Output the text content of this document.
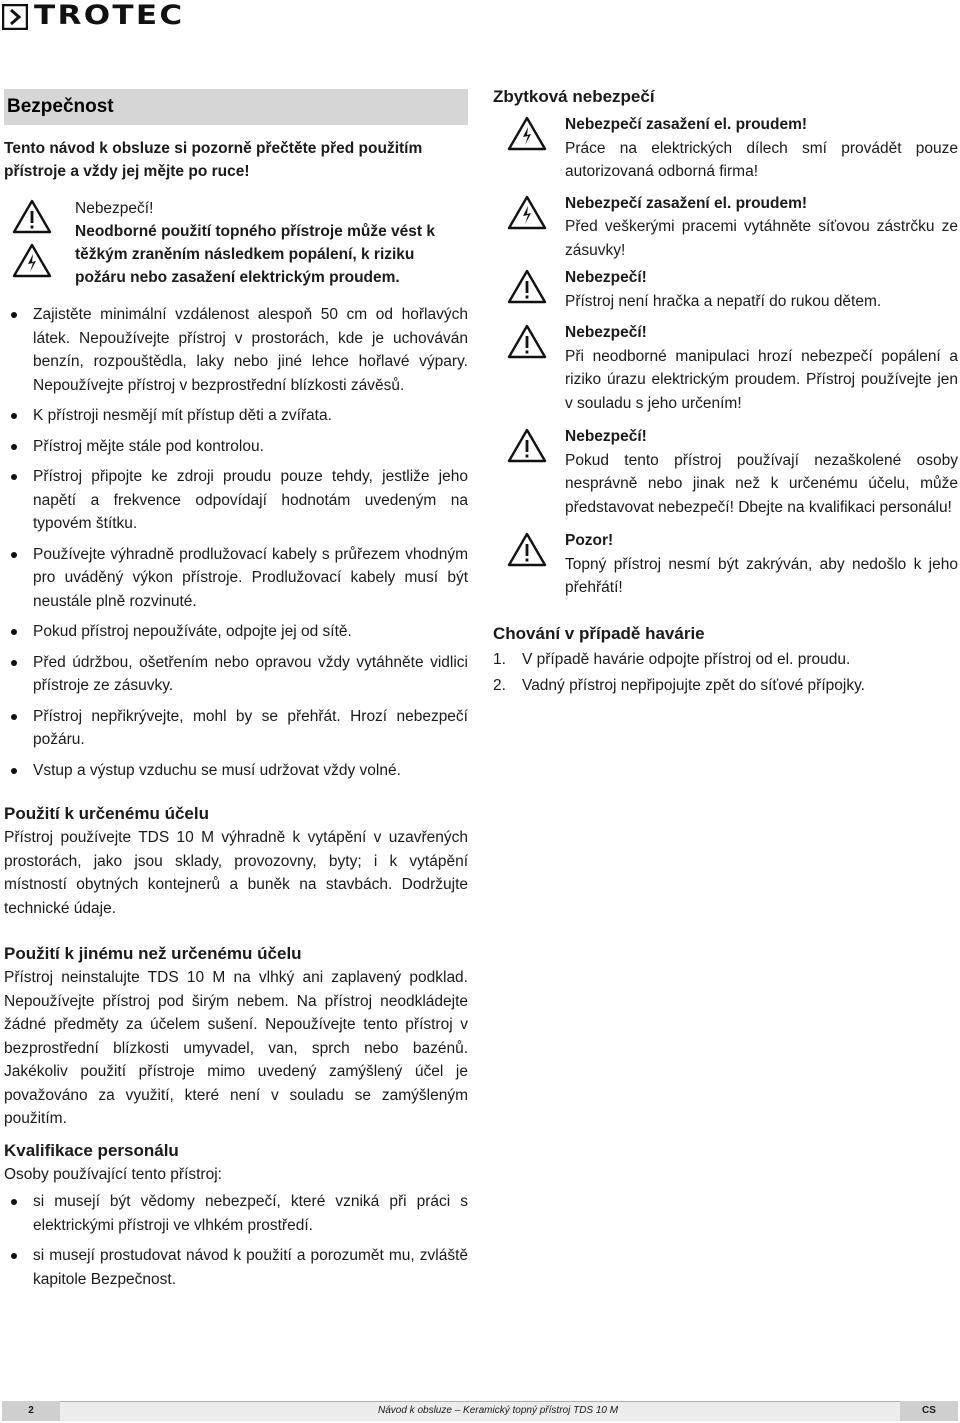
TROTEC
Bezpečnost
Tento návod k obsluze si pozorně přečtěte před použitím přístroje a vždy jej mějte po ruce!
Nebezpečí!
Neodborné použití topného přístroje může vést k těžkým zraněním následkem popálení, k riziku požáru nebo zasažení elektrickým proudem.
Zajistěte minimální vzdálenost alespoň 50 cm od hořlavých látek. Nepoužívejte přístroj v prostorách, kde je uchováván benzín, rozpouštědla, laky nebo jiné lehce hořlavé výpary. Nepoužívejte přístroj v bezprostřední blízkosti závěsů.
K přístroji nesmějí mít přístup děti a zvířata.
Přístroj mějte stále pod kontrolou.
Přístroj připojte ke zdroji proudu pouze tehdy, jestliže jeho napětí a frekvence odpovídají hodnotám uvedeným na typovém štítku.
Používejte výhradně prodlužovací kabely s průřezem vhodným pro uváděný výkon přístroje. Prodlužovací kabely musí být neustále plně rozvinuté.
Pokud přístroj nepoužíváte, odpojte jej od sítě.
Před údržbou, ošetřením nebo opravou vždy vytáhněte vidlici přístroje ze zásuvky.
Přístroj nepřikrývejte, mohl by se přehřát. Hrozí nebezpečí požáru.
Vstup a výstup vzduchu se musí udržovat vždy volné.
Použití k určenému účelu

Přístroj používejte TDS 10 M výhradně k vytápění v uzavřených prostorách, jako jsou sklady, provozovny, byty; i k vytápění místností obytných kontejnerů a buněk na stavbách. Dodržujte technické údaje.

Použití k jinému než určenému účelu

Přístroj neinstalujte TDS 10 M na vlhký ani zaplavený podklad. Nepoužívejte přístroj pod širým nebem. Na přístroj neodkládejte žádné předměty za účelem sušení. Nepoužívejte tento přístroj v bezprostřední blízkosti umyvadel, van, sprch nebo bazénů. Jakékoliv použití přístroje mimo uvedený zamýšlený účel je považováno za využití, které není v souladu se zamýšleným použitím.

Kvalifikace personálu

Osoby používající tento přístroj:

si musejí být vědomy nebezpečí, které vzniká při práci s elektrickými přístroji ve vlhkém prostředí.
si musejí prostudovat návod k použití a porozumět mu, zvláště kapitole Bezpečnost.
Zbytková nebezpečí
Nebezpečí zasažení el. proudem!
Práce na elektrických dílech smí provádět pouze autorizovaná odborná firma!
Nebezpečí zasažení el. proudem!
Před veškerými pracemi vytáhněte síťovou zástrčku ze zásuvky!
Nebezpečí!
Přístroj není hračka a nepatří do rukou dětem.
Nebezpečí!
Při neodborné manipulaci hrozí nebezpečí popálení a riziko úrazu elektrickým proudem. Přístroj používejte jen v souladu s jeho určením!
Nebezpečí!
Pokud tento přístroj používají nezaškolené osoby nesprávně nebo jinak než k určenému účelu, může představovat nebezpečí! Dbejte na kvalifikaci personálu!
Pozor!
Topný přístroj nesmí být zakrýván, aby nedošlo k jeho přehřátí!
Chování v případě havárie
1. V případě havárie odpojte přístroj od el. proudu.
2. Vadný přístroj nepřipojujte zpět do síťové přípojky.
2	Návod k obsluze – Keramický topný přístroj TDS 10 M	CS
